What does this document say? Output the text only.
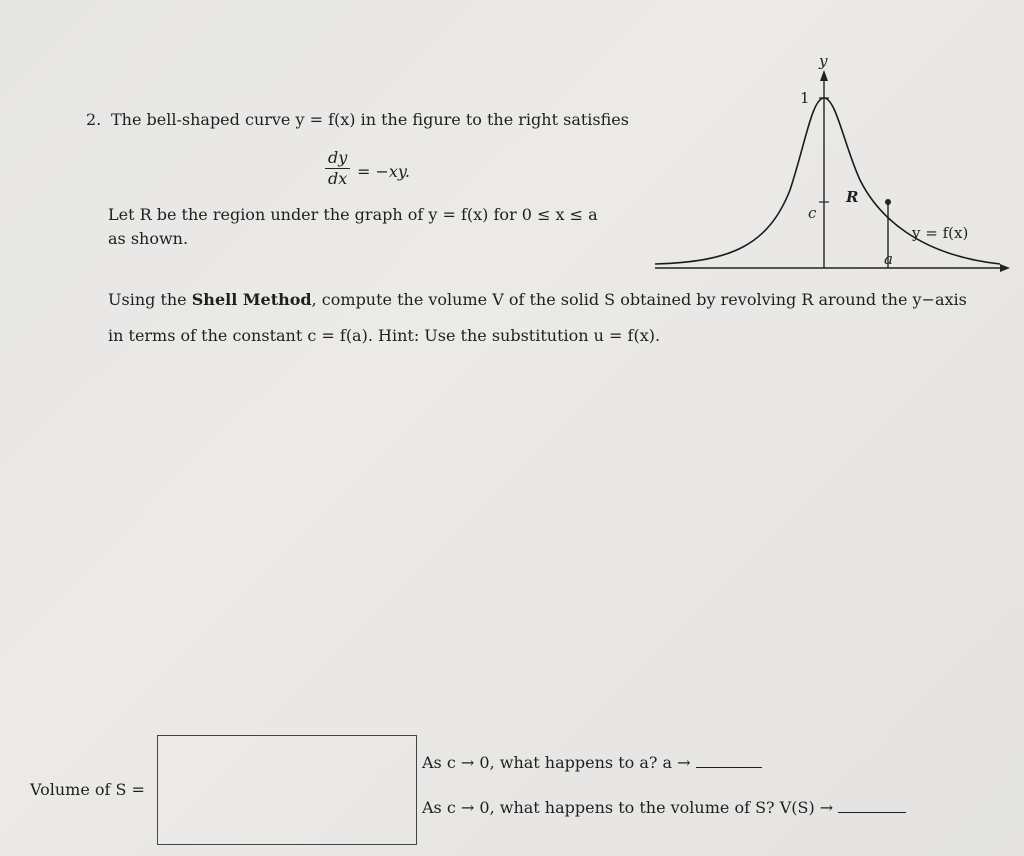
2. The bell-shaped curve y = f(x) in the figure to the right satisfies
$\frac{dy}{dx} = -xy$.
Let R be the region under the graph of y = f(x) for 0 ≤ x ≤ a
as shown.
Using the Shell Method, compute the volume V of the solid S obtained by revolving R around the y−axis
in terms of the constant c = f(a). Hint: Use the substitution u = f(x).
y
1
c
R
y = f(x)
a
Volume of S =
As c → 0, what happens to a? a →
As c → 0, what happens to the volume of S? V(S) →
